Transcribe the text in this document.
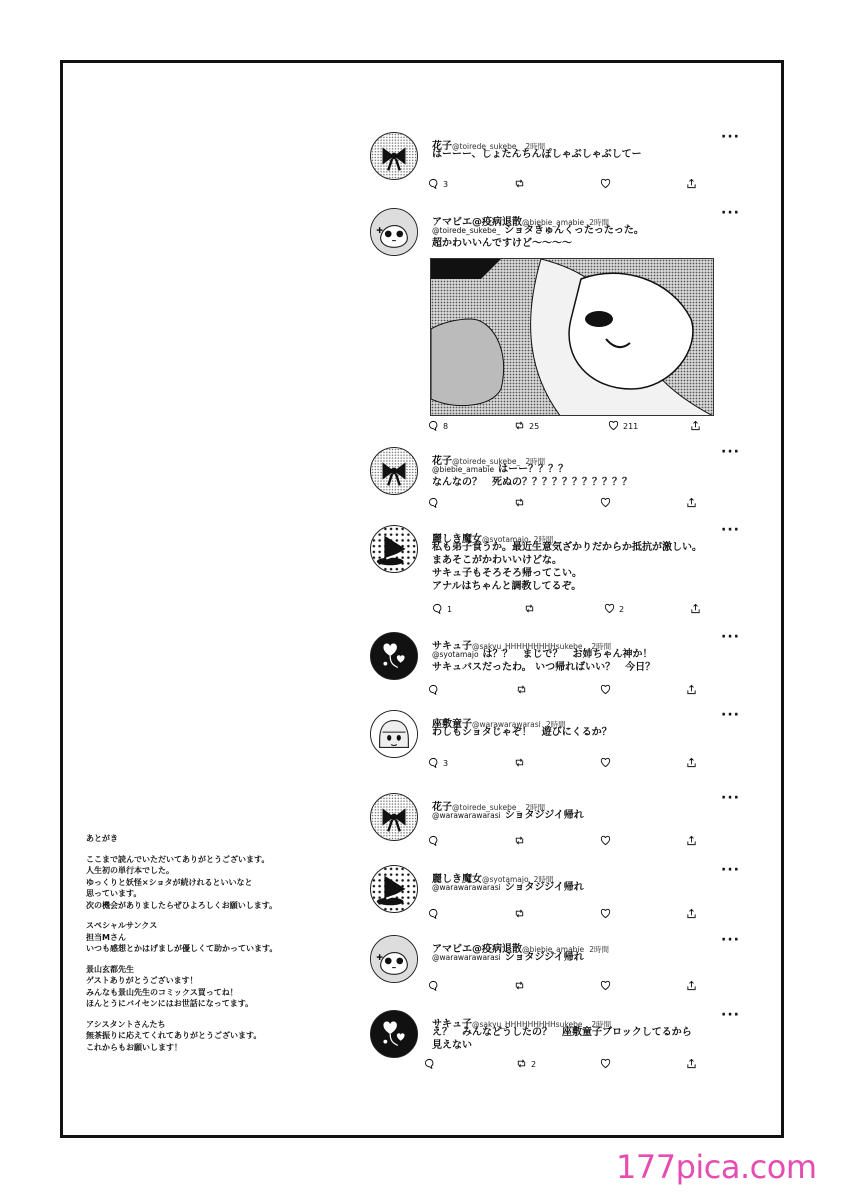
花子@toirede_sukebe_ 2時間
···
はーーー、しょたんちんぽしゃぶしゃぶしてー
3
アマビエ@疫病退散@biebie_amabie 2時間
···
@toirede_sukebe_ ショタきゅんくったったった。
超かわいいんですけど～～～～
8	25	211
花子@toirede_sukebe_ 2時間
···
@biebie_amabie はーー？？？？
なんなの？　死ぬの？？？？？？？？？？？
麗しき魔女@syotamajo 2時間
···
私も弟子食うか。最近生意気ざかりだからか抵抗が激しい。
まあそこがかわいいけどな。
サキュ子もそろそろ帰ってこい。
アナルはちゃんと調教してるぞ。
1	2
サキュ子@sakyu_HHHHHHHHHsukebe_ 2時間
···
@syotamajo は？？　まじで？　お姉ちゃん神か！
サキュバスだったわ。 いつ帰ればいい？　今日？
座敷童子@warawarawarasi 2時間
···
わしもショタじゃぞ！　遊びにくるか？
3
花子@toirede_sukebe_ 2時間
···
@warawarawarasi ショタジジイ帰れ
麗しき魔女@syotamajo 2時間
···
@warawarawarasi ショタジジイ帰れ
アマビエ@疫病退散@biebie_amabie 2時間
···
@warawarawarasi ショタジジイ帰れ
サキュ子@sakyu_HHHHHHHHHsukebe_ 2時間
···
え？　みんなどうしたの？　座敷童子ブロックしてるから
見えない
2
あとがき
ここまで読んでいただいてありがとうございます。
人生初の単行本でした。
ゆっくりと妖怪×ショタが続けれるといいなと
思っています。
次の機会がありましたらぜひよろしくお願いします。
スペシャルサンクス
担当Mさん
いつも感想とかはげましが優しくて助かっています。
景山玄都先生
ゲストありがとうございます！
みんなも景山先生のコミックス買ってね！
ほんとうにバイセンにはお世話になってます。
アシスタントさんたち
無茶振りに応えてくれてありがとうございます。
これからもお願いします！
177pica.com
